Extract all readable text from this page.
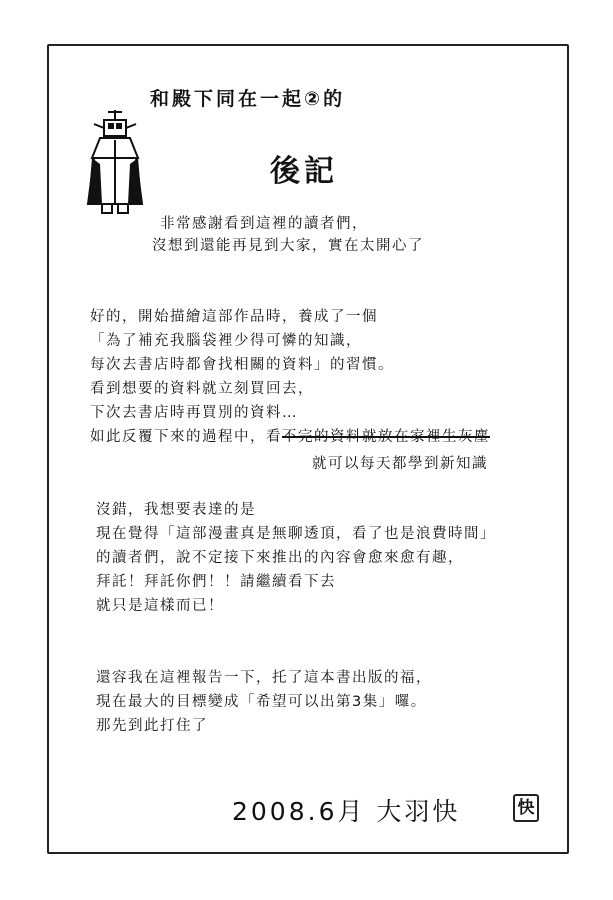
和殿下同在一起②的
後記
非常感謝看到這裡的讀者們，
沒想到還能再見到大家，實在太開心了
好的，開始描繪這部作品時，養成了一個
「為了補充我腦袋裡少得可憐的知識，
每次去書店時都會找相關的資料」的習慣。
看到想要的資料就立刻買回去，
下次去書店時再買別的資料…
如此反覆下來的過程中，看不完的資料就放在家裡生灰塵
就可以每天都學到新知識
沒錯，我想要表達的是
現在覺得「這部漫畫真是無聊透頂，看了也是浪費時間」
的讀者們，說不定接下來推出的內容會愈來愈有趣，
拜託！拜託你們！！請繼續看下去
就只是這樣而已！
還容我在這裡報告一下，托了這本書出版的福，
現在最大的目標變成「希望可以出第3集」囉。
那先到此打住了
2008.6月 大羽快	快
